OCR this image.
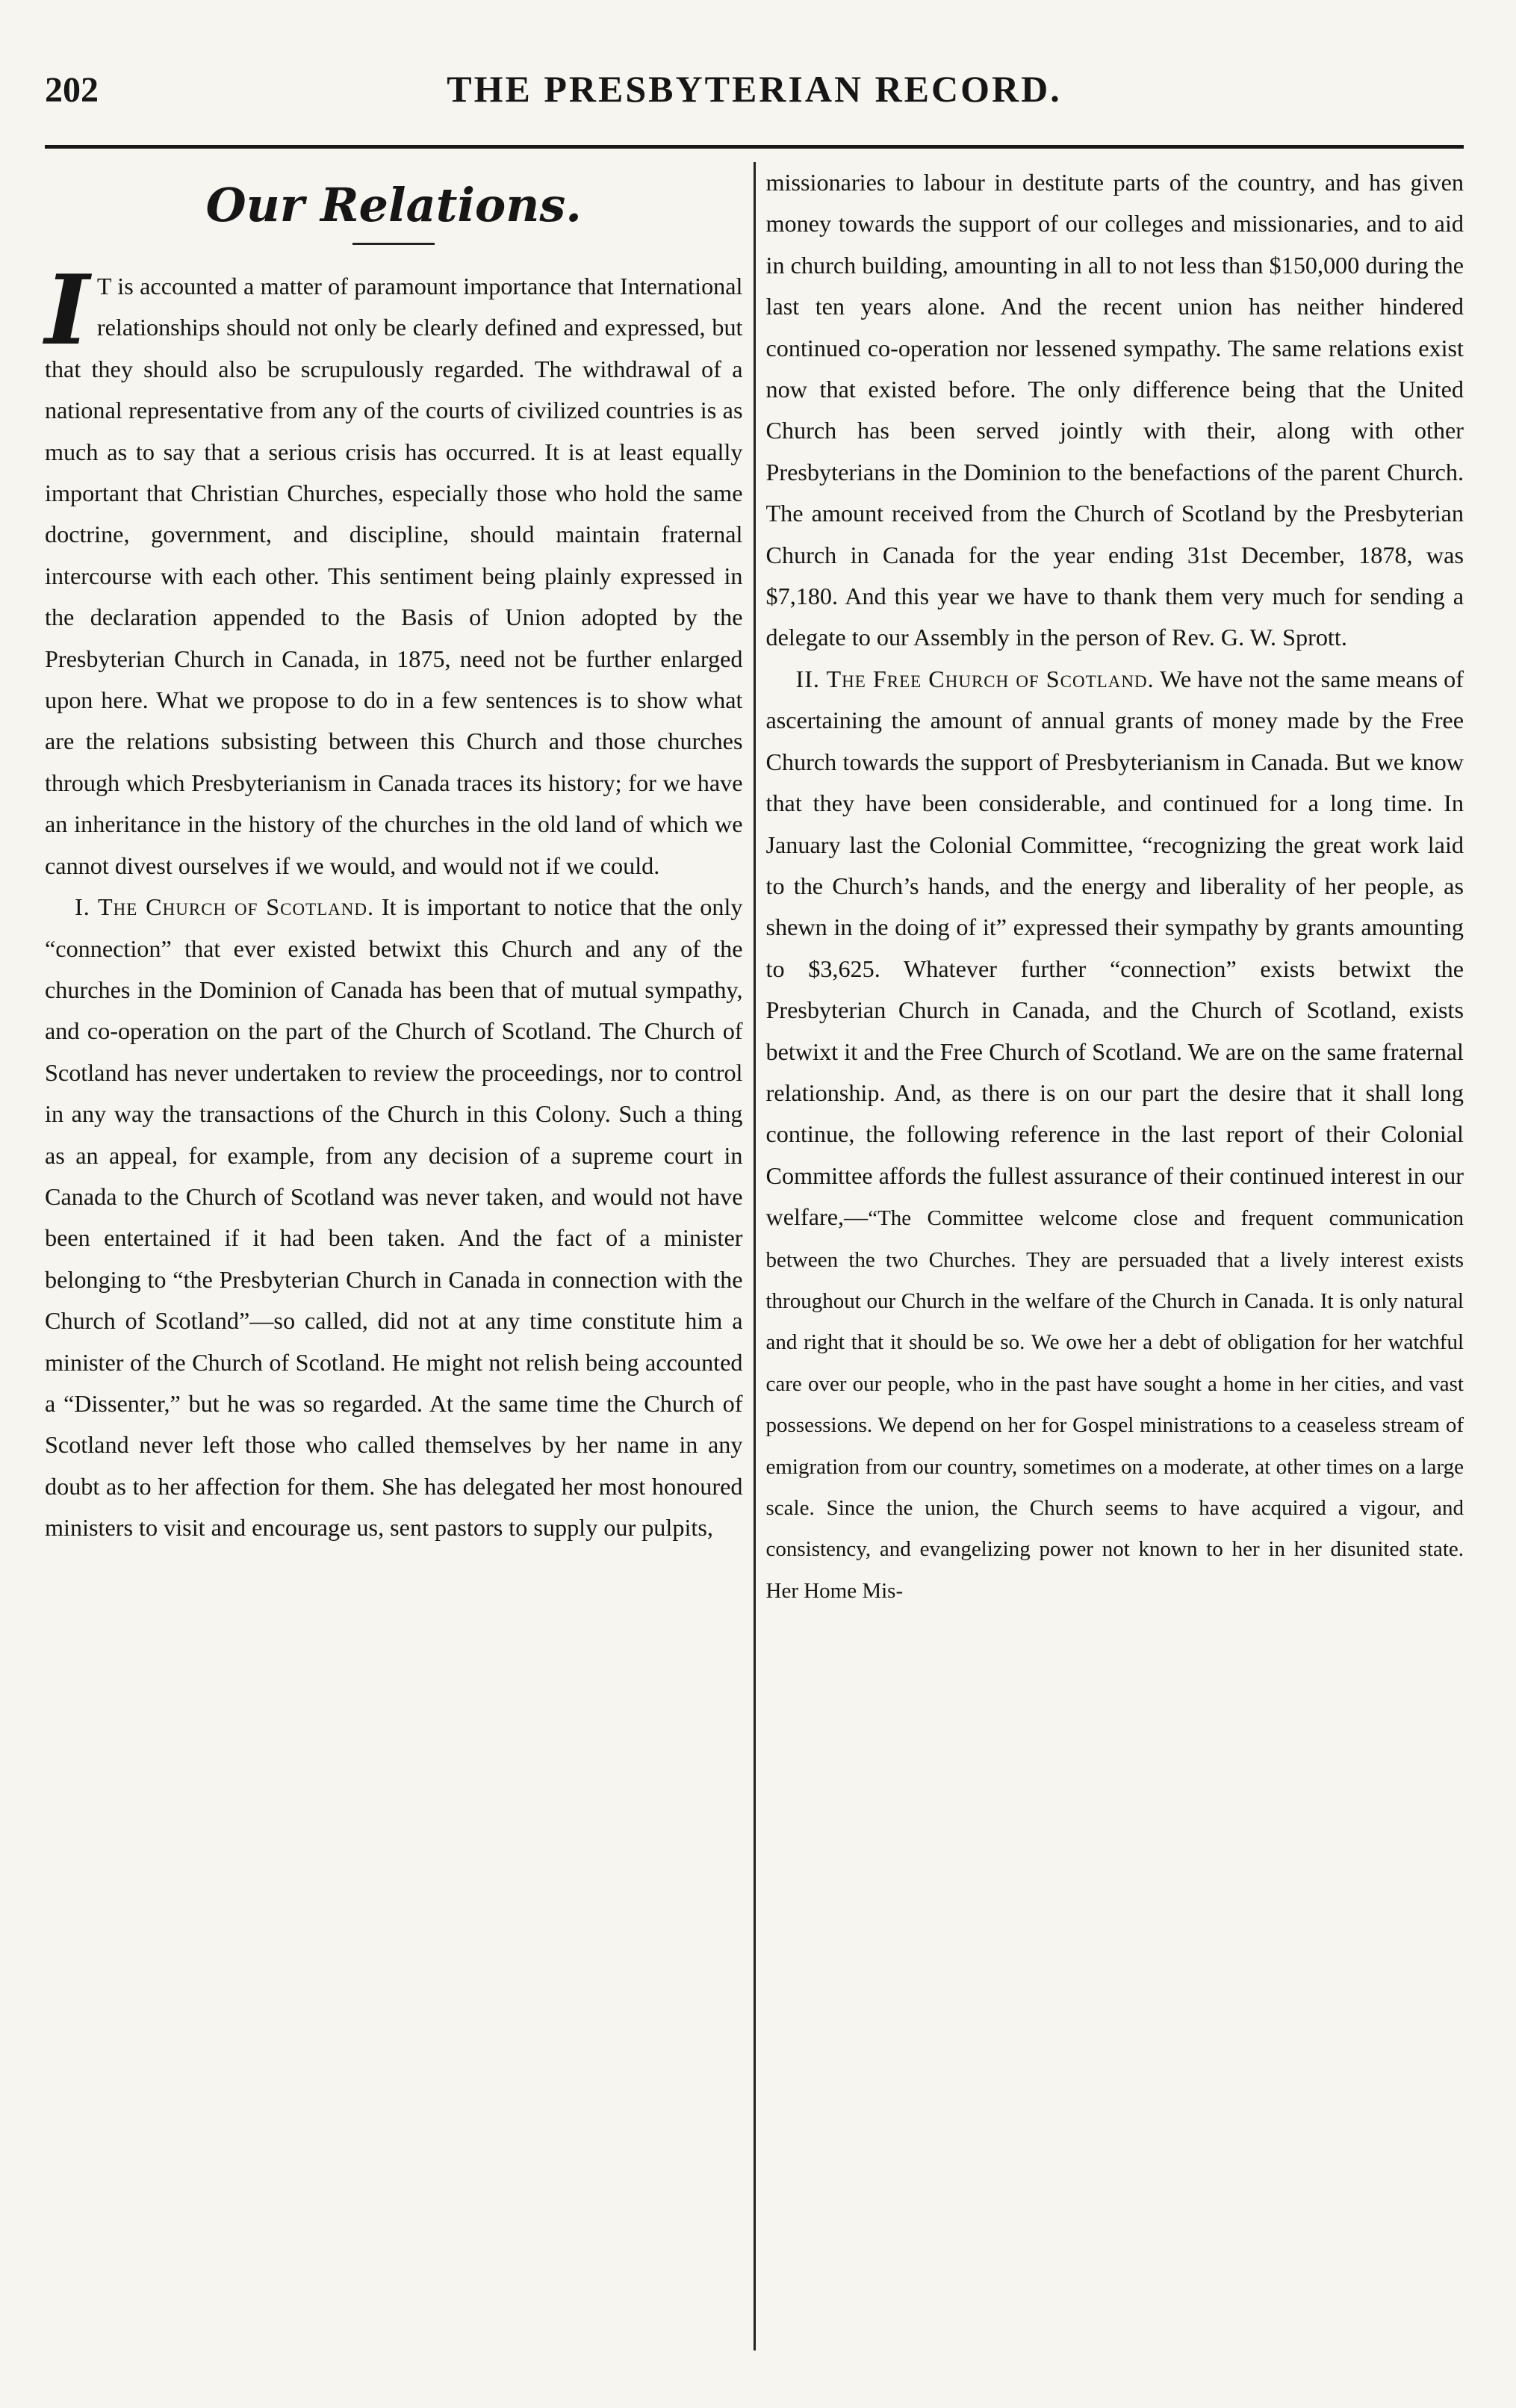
202	THE PRESBYTERIAN RECORD.
Our Relations.

I T is accounted a matter of paramount importance that International relationships should not only be clearly defined and expressed, but that they should also be scrupulously regarded. The withdrawal of a national representative from any of the courts of civilized countries is as much as to say that a serious crisis has occurred. It is at least equally important that Christian Churches, especially those who hold the same doctrine, government, and discipline, should maintain fraternal intercourse with each other. This sentiment being plainly expressed in the declaration appended to the Basis of Union adopted by the Presbyterian Church in Canada, in 1875, need not be further enlarged upon here. What we propose to do in a few sentences is to show what are the relations subsisting between this Church and those churches through which Presbyterianism in Canada traces its history; for we have an inheritance in the history of the churches in the old land of which we cannot divest ourselves if we would, and would not if we could.

I. The Church of Scotland. It is important to notice that the only “connection” that ever existed betwixt this Church and any of the churches in the Dominion of Canada has been that of mutual sympathy, and co-operation on the part of the Church of Scotland. The Church of Scotland has never undertaken to review the proceedings, nor to control in any way the transactions of the Church in this Colony. Such a thing as an appeal, for example, from any decision of a supreme court in Canada to the Church of Scotland was never taken, and would not have been entertained if it had been taken. And the fact of a minister belonging to “the Presbyterian Church in Canada in connection with the Church of Scotland”—so called, did not at any time constitute him a minister of the Church of Scotland. He might not relish being accounted a “Dissenter,” but he was so regarded. At the same time the Church of Scotland never left those who called themselves by her name in any doubt as to her affection for them. She has delegated her most honoured ministers to visit and encourage us, sent pastors to supply our pulpits,

missionaries to labour in destitute parts of the country, and has given money towards the support of our colleges and missionaries, and to aid in church building, amounting in all to not less than $150,000 during the last ten years alone. And the recent union has neither hindered continued co-operation nor lessened sympathy. The same relations exist now that existed before. The only difference being that the United Church has been served jointly with their, along with other Presbyterians in the Dominion to the benefactions of the parent Church. The amount received from the Church of Scotland by the Presbyterian Church in Canada for the year ending 31st December, 1878, was $7,180. And this year we have to thank them very much for sending a delegate to our Assembly in the person of Rev. G. W. Sprott.

II. The Free Church of Scotland. We have not the same means of ascertaining the amount of annual grants of money made by the Free Church towards the support of Presbyterianism in Canada. But we know that they have been considerable, and continued for a long time. In January last the Colonial Committee, “recognizing the great work laid to the Church’s hands, and the energy and liberality of her people, as shewn in the doing of it” expressed their sympathy by grants amounting to $3,625. Whatever further “connection” exists betwixt the Presbyterian Church in Canada, and the Church of Scotland, exists betwixt it and the Free Church of Scotland. We are on the same fraternal relationship. And, as there is on our part the desire that it shall long continue, the following reference in the last report of their Colonial Committee affords the fullest assurance of their continued interest in our welfare,—“The Committee welcome close and frequent communication between the two Churches. They are persuaded that a lively interest exists throughout our Church in the welfare of the Church in Canada. It is only natural and right that it should be so. We owe her a debt of obligation for her watchful care over our people, who in the past have sought a home in her cities, and vast possessions. We depend on her for Gospel ministrations to a ceaseless stream of emigration from our country, sometimes on a moderate, at other times on a large scale. Since the union, the Church seems to have acquired a vigour, and consistency, and evangelizing power not known to her in her disunited state. Her Home Mis-
